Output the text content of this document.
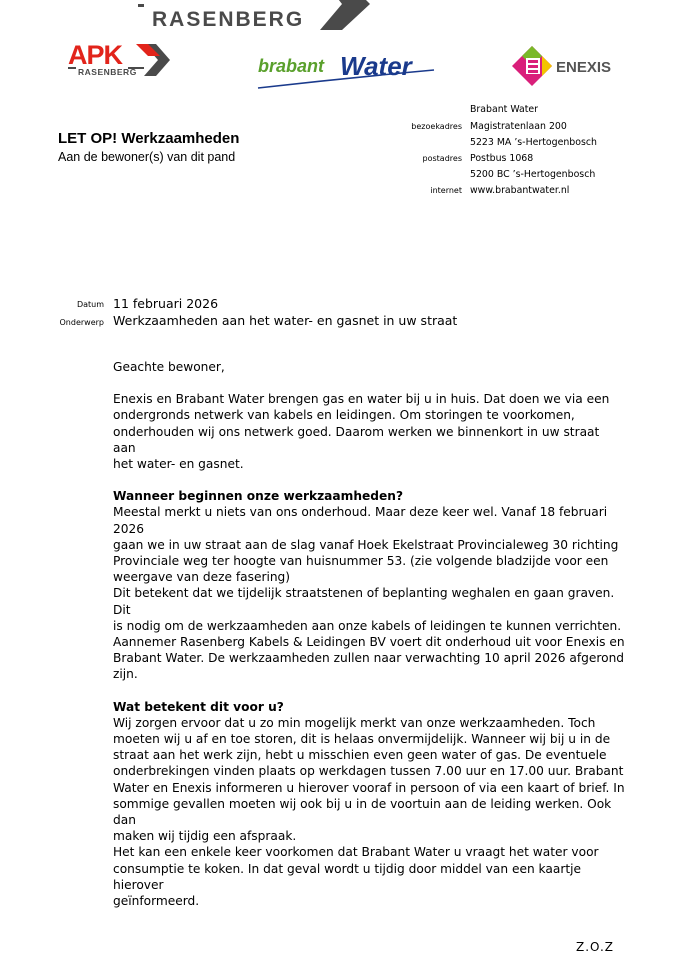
RASENBERG
APK
RASENBERG	brabant Water	ENEXIS
LET OP! Werkzaamheden
Aan de bewoner(s) van dit pand
Brabant Water
bezoekadres Magistratenlaan 200
5223 MA ’s-Hertogenbosch
postadres Postbus 1068
5200 BC ’s-Hertogenbosch
internet www.brabantwater.nl
Datum 11 februari 2026
Onderwerp Werkzaamheden aan het water- en gasnet in uw straat

Geachte bewoner,

Enexis en Brabant Water brengen gas en water bij u in huis. Dat doen we via een

ondergronds netwerk van kabels en leidingen. Om storingen te voorkomen,

onderhouden wij ons netwerk goed. Daarom werken we binnenkort in uw straat aan

het water- en gasnet.

Wanneer beginnen onze werkzaamheden?

Meestal merkt u niets van ons onderhoud. Maar deze keer wel. Vanaf 18 februari 2026

gaan we in uw straat aan de slag vanaf Hoek Ekelstraat Provincialeweg 30 richting

Provinciale weg ter hoogte van huisnummer 53. (zie volgende bladzijde voor een

weergave van deze fasering)

Dit betekent dat we tijdelijk straatstenen of beplanting weghalen en gaan graven. Dit

is nodig om de werkzaamheden aan onze kabels of leidingen te kunnen verrichten.

Aannemer Rasenberg Kabels & Leidingen BV voert dit onderhoud uit voor Enexis en

Brabant Water. De werkzaamheden zullen naar verwachting 10 april 2026 afgerond

zijn.

Wat betekent dit voor u?

Wij zorgen ervoor dat u zo min mogelijk merkt van onze werkzaamheden. Toch

moeten wij u af en toe storen, dit is helaas onvermijdelijk. Wanneer wij bij u in de

straat aan het werk zijn, hebt u misschien even geen water of gas. De eventuele

onderbrekingen vinden plaats op werkdagen tussen 7.00 uur en 17.00 uur. Brabant

Water en Enexis informeren u hierover vooraf in persoon of via een kaart of brief. In

sommige gevallen moeten wij ook bij u in de voortuin aan de leiding werken. Ook dan

maken wij tijdig een afspraak.

Het kan een enkele keer voorkomen dat Brabant Water u vraagt het water voor

consumptie te koken. In dat geval wordt u tijdig door middel van een kaartje hierover

geïnformeerd.

Z.O.Z
